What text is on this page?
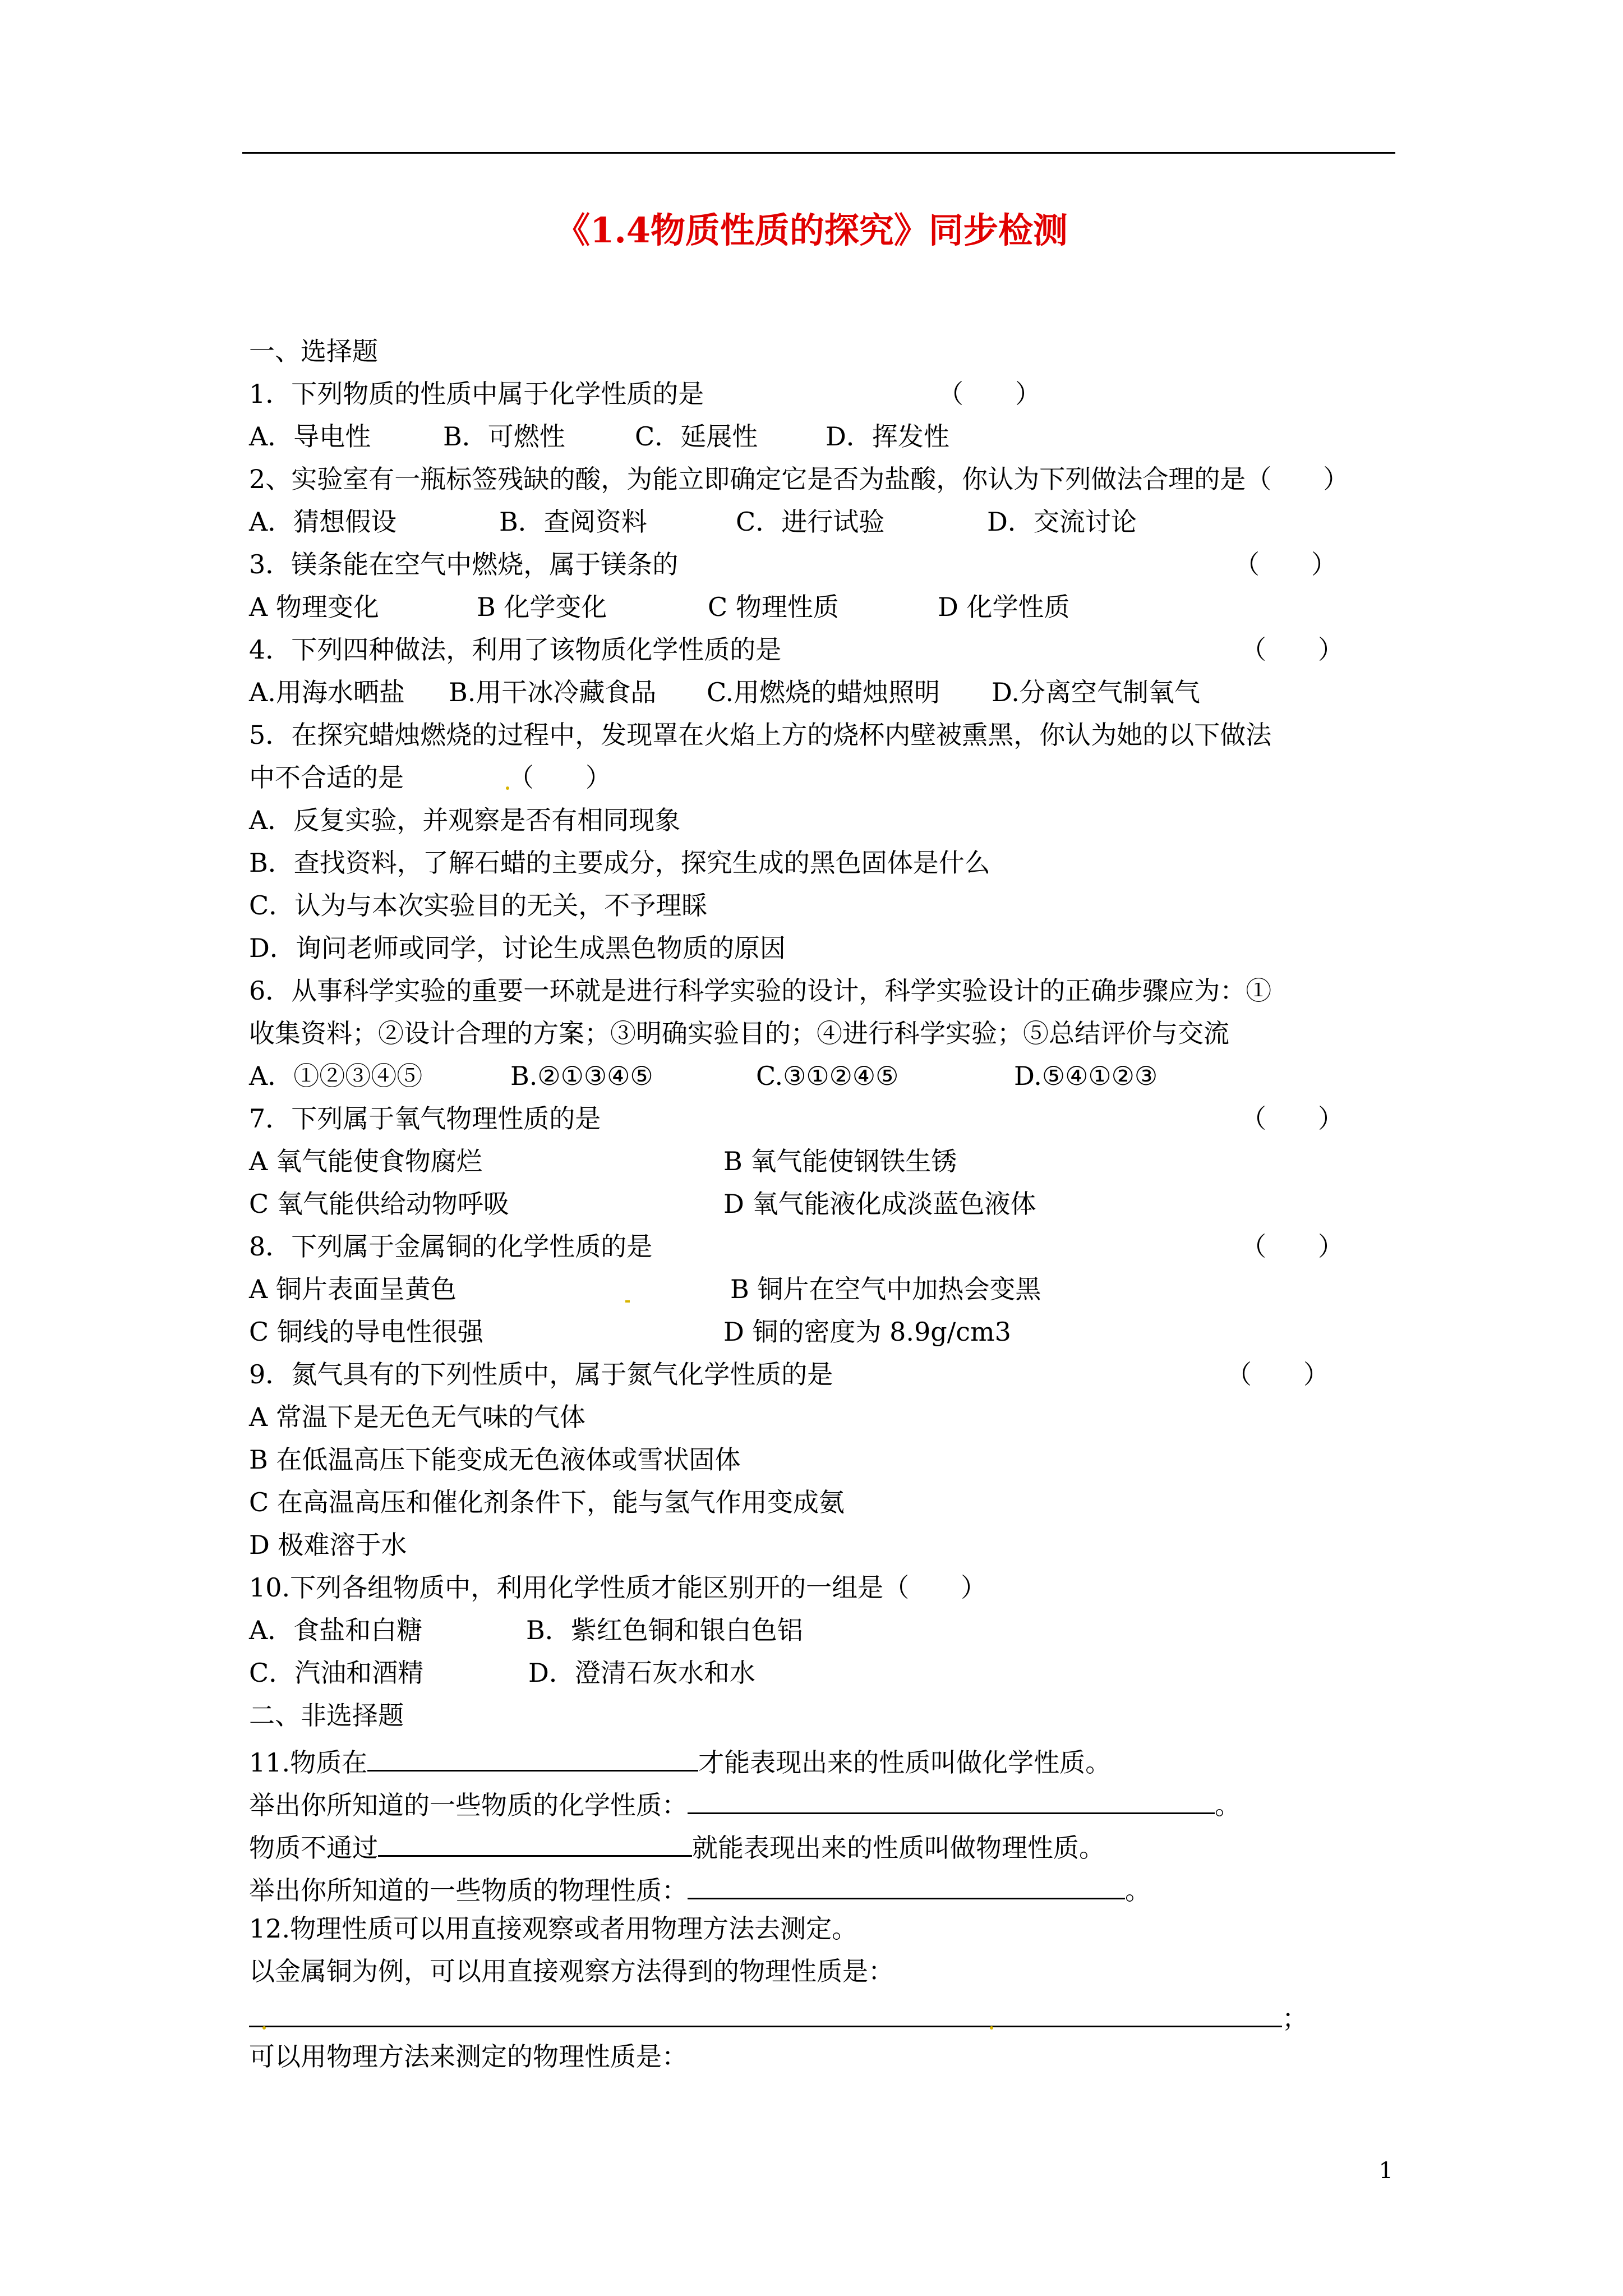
《1.4物质性质的探究》同步检测
一、选择题
1．下列物质的性质中属于化学性质的是	（　　）
A．导电性	B．可燃性	C．延展性	D．挥发性
2、实验室有一瓶标签残缺的酸，为能立即确定它是否为盐酸，你认为下列做法合理的是（　　）
A．猜想假设	B．查阅资料	C．进行试验	D．交流讨论
3．镁条能在空气中燃烧，属于镁条的	（　　）
A 物理变化	B 化学变化	C 物理性质	D 化学性质
4．下列四种做法，利用了该物质化学性质的是	（　　）
A.用海水晒盐 B.用干冰冷藏食品 C.用燃烧的蜡烛照明 D.分离空气制氧气
5．在探究蜡烛燃烧的过程中，发现罩在火焰上方的烧杯内壁被熏黑，你认为她的以下做法
中不合适的是	（　　）
A．反复实验，并观察是否有相同现象
B．查找资料，了解石蜡的主要成分，探究生成的黑色固体是什么
C．认为与本次实验目的无关，不予理睬
D．询问老师或同学，讨论生成黑色物质的原因
6．从事科学实验的重要一环就是进行科学实验的设计，科学实验设计的正确步骤应为：①
收集资料；②设计合理的方案；③明确实验目的；④进行科学实验；⑤总结评价与交流
A．①②③④⑤	B.②①③④⑤	C.③①②④⑤	D.⑤④①②③
7．下列属于氧气物理性质的是	（　　）
A 氧气能使食物腐烂	B 氧气能使钢铁生锈
C 氧气能供给动物呼吸	D 氧气能液化成淡蓝色液体
8．下列属于金属铜的化学性质的是	（　　）
A 铜片表面呈黄色	B 铜片在空气中加热会变黑
C 铜线的导电性很强	D 铜的密度为 8.9g/cm3
9．氮气具有的下列性质中，属于氮气化学性质的是	（　　）
A 常温下是无色无气味的气体
B 在低温高压下能变成无色液体或雪状固体
C 在高温高压和催化剂条件下，能与氢气作用变成氨
D 极难溶于水
10.下列各组物质中，利用化学性质才能区别开的一组是（　　）
A．食盐和白糖	B．紫红色铜和银白色铝
C．汽油和酒精	D．澄清石灰水和水
二、非选择题
11.物质在	才能表现出来的性质叫做化学性质。
举出你所知道的一些物质的化学性质：	。
物质不通过	就能表现出来的性质叫做物理性质。
举出你所知道的一些物质的物理性质：	。
12.物理性质可以用直接观察或者用物理方法去测定。
以金属铜为例，可以用直接观察方法得到的物理性质是：
；
可以用物理方法来测定的物理性质是：
1
